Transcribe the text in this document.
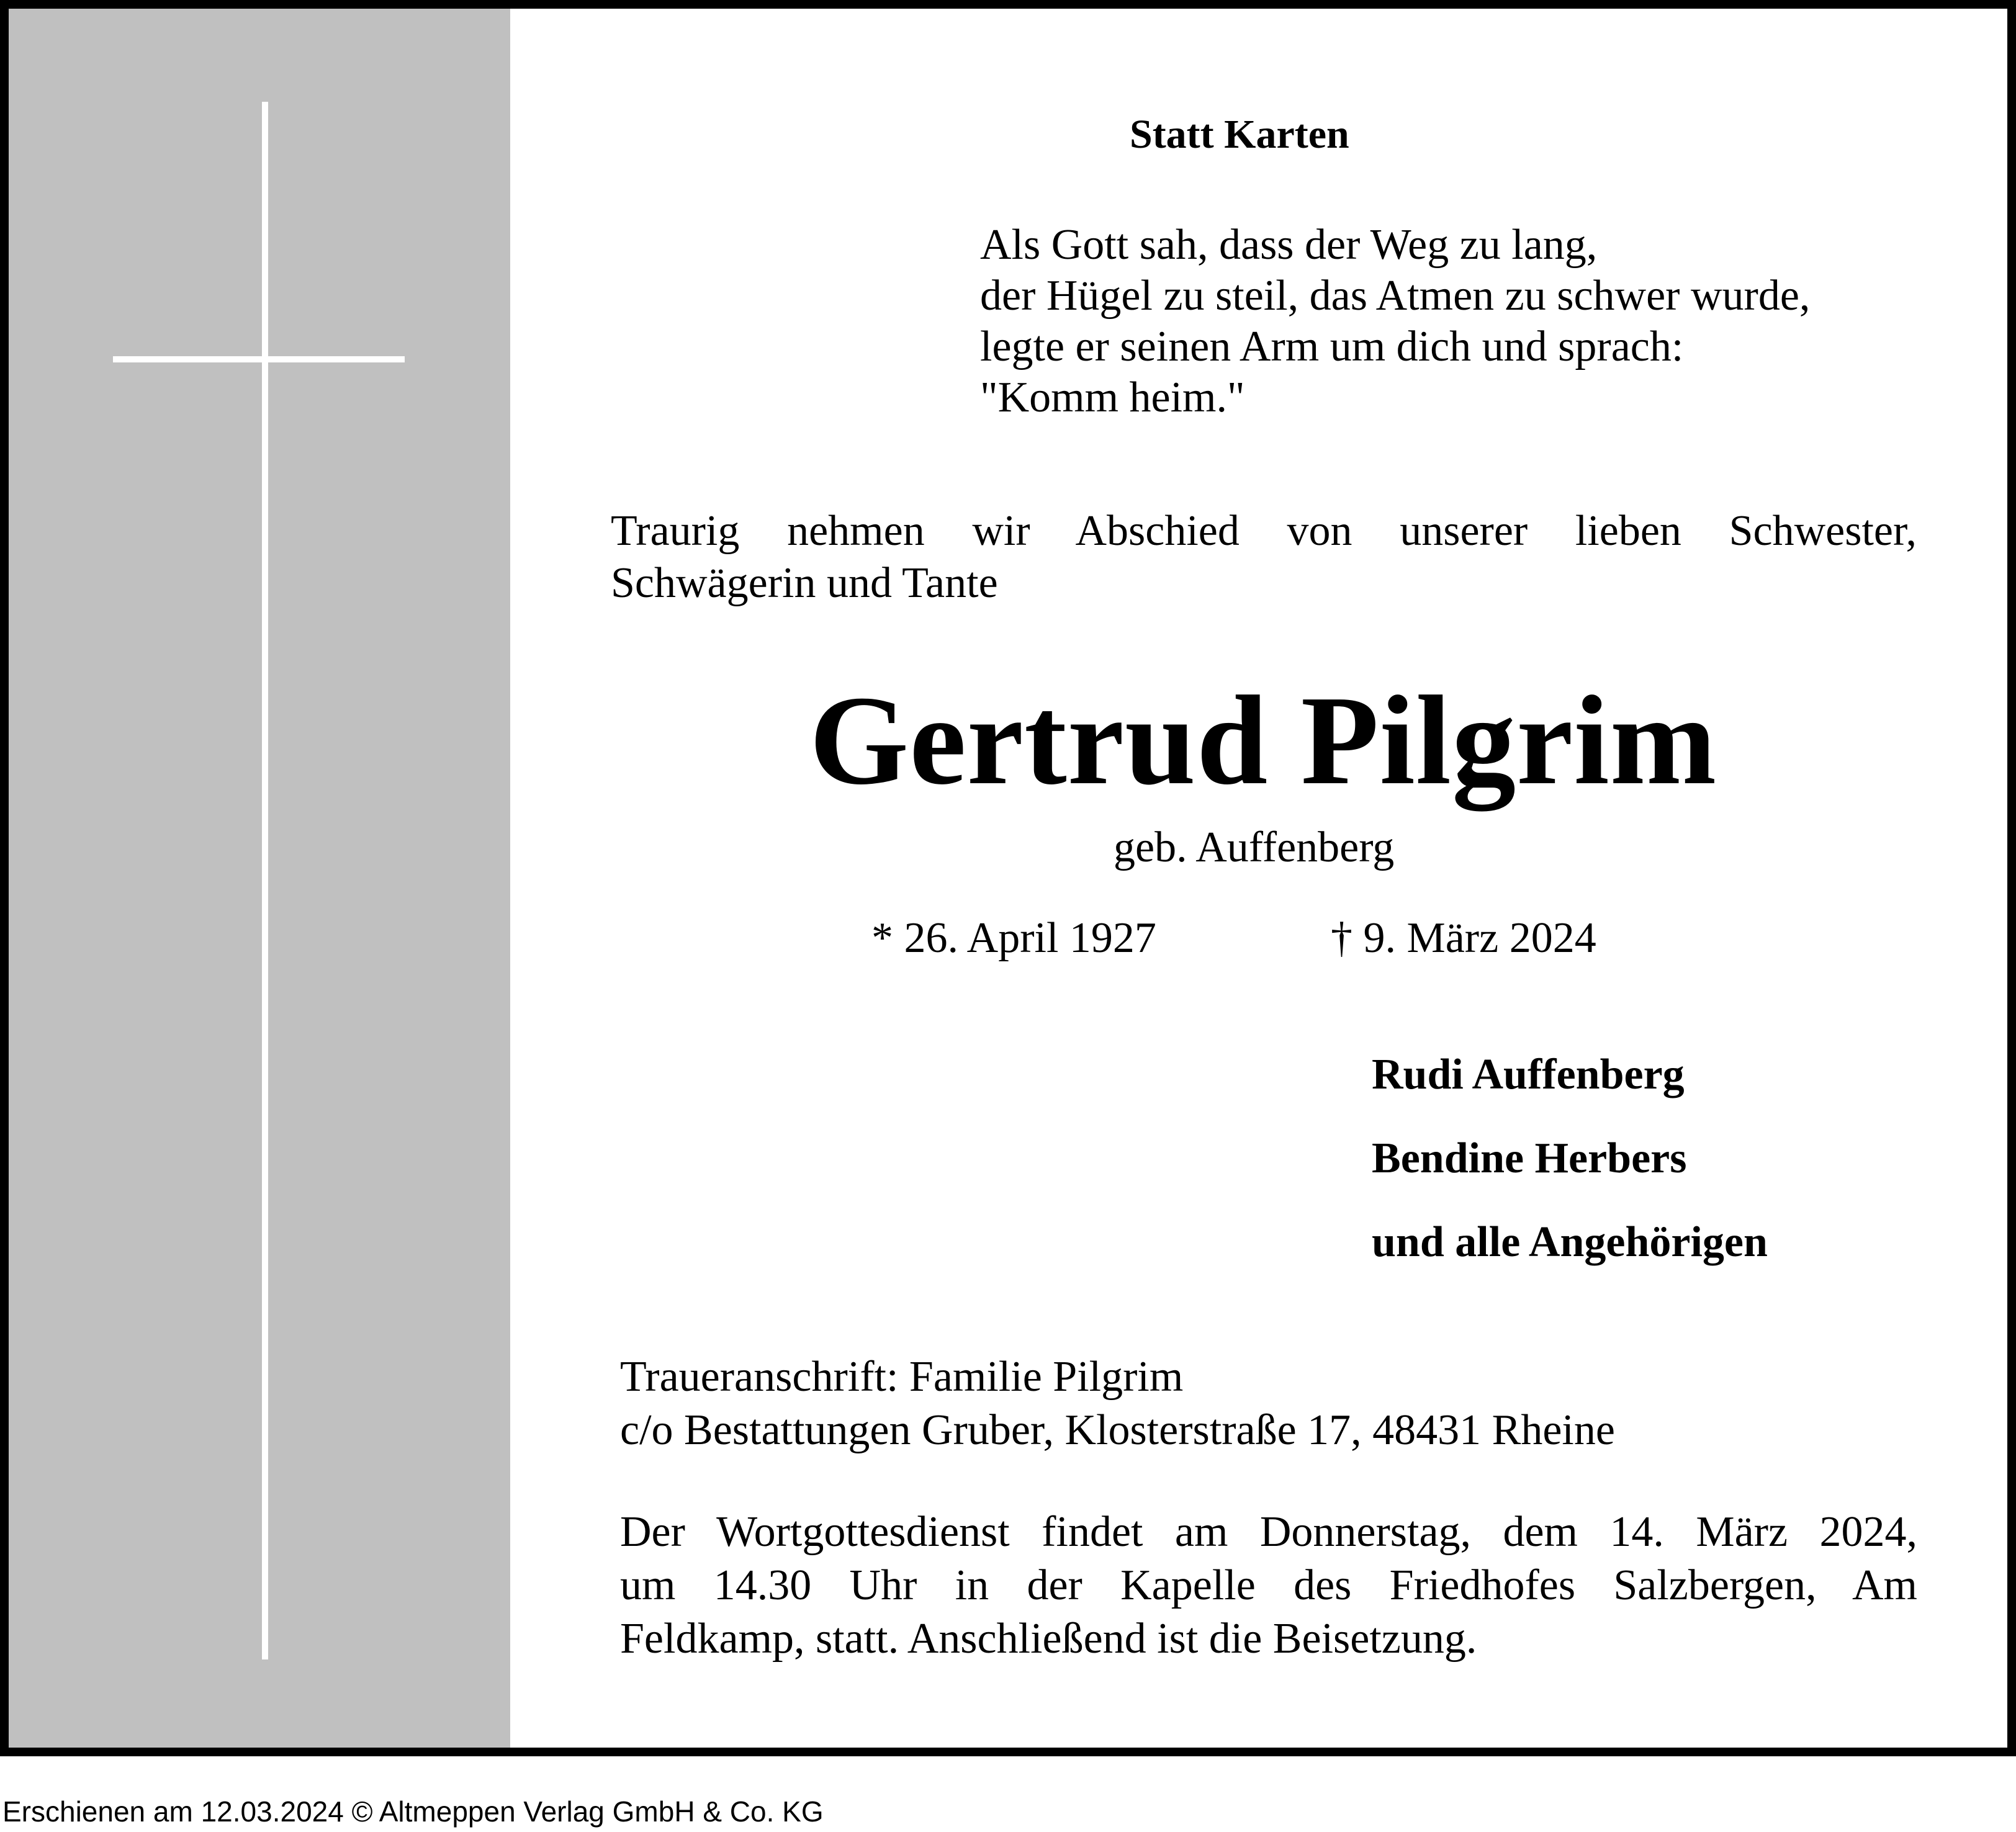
Statt Karten
Als Gott sah, dass der Weg zu lang,
der Hügel zu steil, das Atmen zu schwer wurde,
legte er seinen Arm um dich und sprach:
"Komm heim."
Traurig nehmen wir Abschied von unserer lieben Schwester,
Schwägerin und Tante
Gertrud Pilgrim
geb. Auffenberg
* 26. April 1927	† 9. März 2024
Rudi Auffenberg
Bendine Herbers
und alle Angehörigen
Traueranschrift: Familie Pilgrim
c/o Bestattungen Gruber, Klosterstraße 17, 48431 Rheine
Der Wortgottesdienst findet am Donnerstag, dem 14. März 2024,
um 14.30 Uhr in der Kapelle des Friedhofes Salzbergen, Am
Feldkamp, statt. Anschließend ist die Beisetzung.
Erschienen am 12.03.2024 © Altmeppen Verlag GmbH & Co. KG
